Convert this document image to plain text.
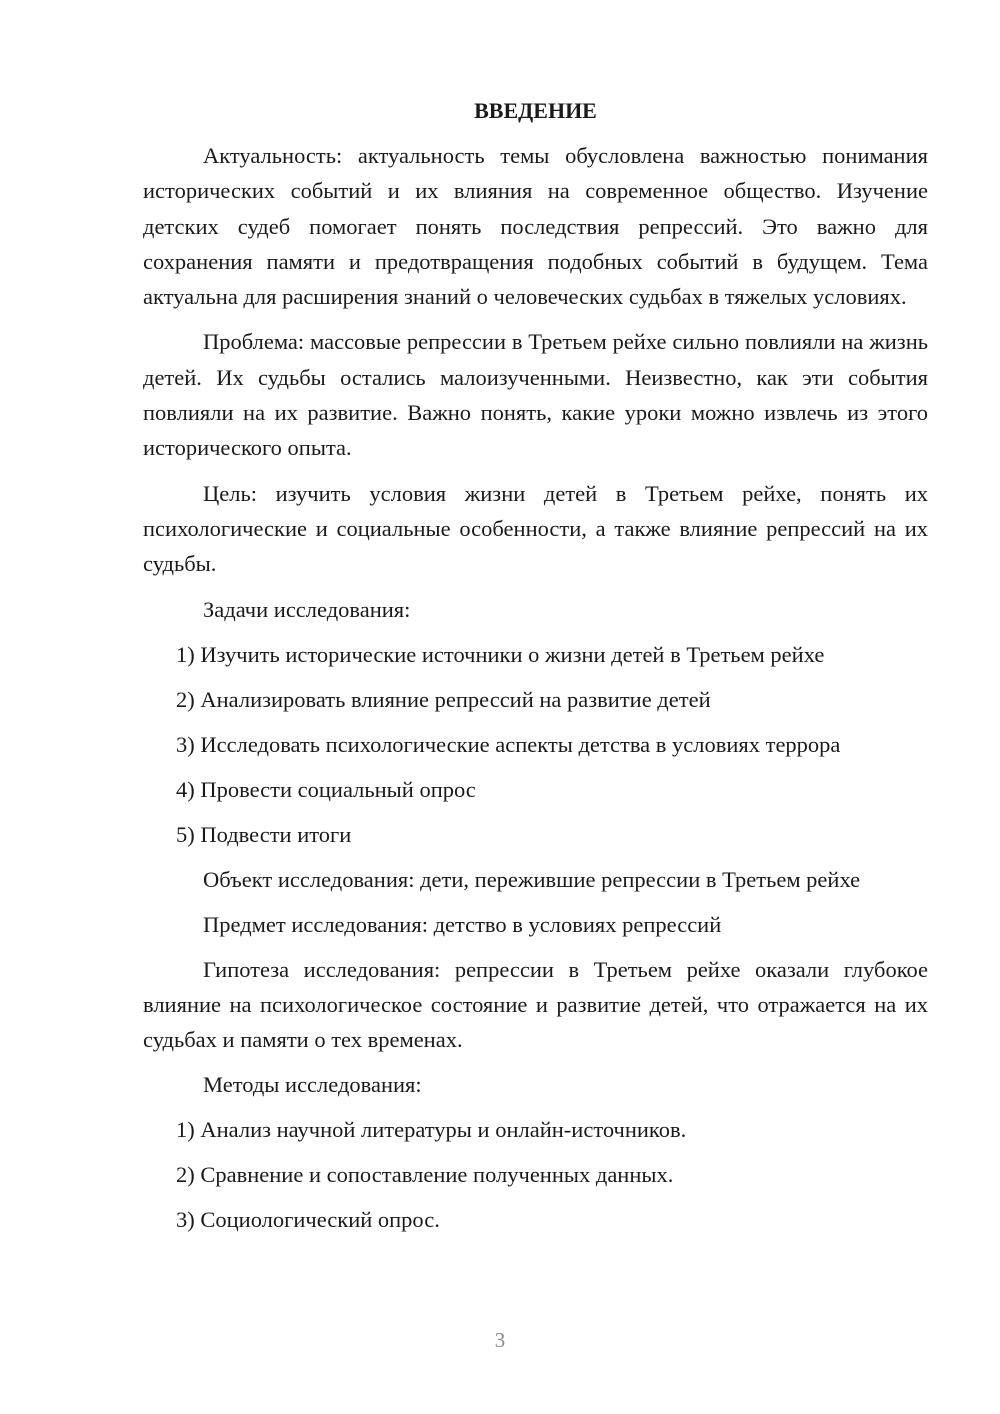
ВВЕДЕНИЕ

Актуальность: актуальность темы обусловлена важностью понимания исторических событий и их влияния на современное общество. Изучение детских судеб помогает понять последствия репрессий. Это важно для сохранения памяти и предотвращения подобных событий в будущем. Тема актуальна для расширения знаний о человеческих судьбах в тяжелых условиях.

Проблема: массовые репрессии в Третьем рейхе сильно повлияли на жизнь детей. Их судьбы остались малоизученными. Неизвестно, как эти события повлияли на их развитие. Важно понять, какие уроки можно извлечь из этого исторического опыта.

Цель: изучить условия жизни детей в Третьем рейхе, понять их психологические и социальные особенности, а также влияние репрессий на их судьбы.

Задачи исследования:
1) Изучить исторические источники о жизни детей в Третьем рейхе
2) Анализировать влияние репрессий на развитие детей
3) Исследовать психологические аспекты детства в условиях террора
4) Провести социальный опрос
5) Подвести итоги
Объект исследования: дети, пережившие репрессии в Третьем рейхе
Предмет исследования: детство в условиях репрессий

Гипотеза исследования: репрессии в Третьем рейхе оказали глубокое влияние на психологическое состояние и развитие детей, что отражается на их судьбах и памяти о тех временах.

Методы исследования:
1) Анализ научной литературы и онлайн-источников.
2) Сравнение и сопоставление полученных данных.
3) Социологический опрос.
3
